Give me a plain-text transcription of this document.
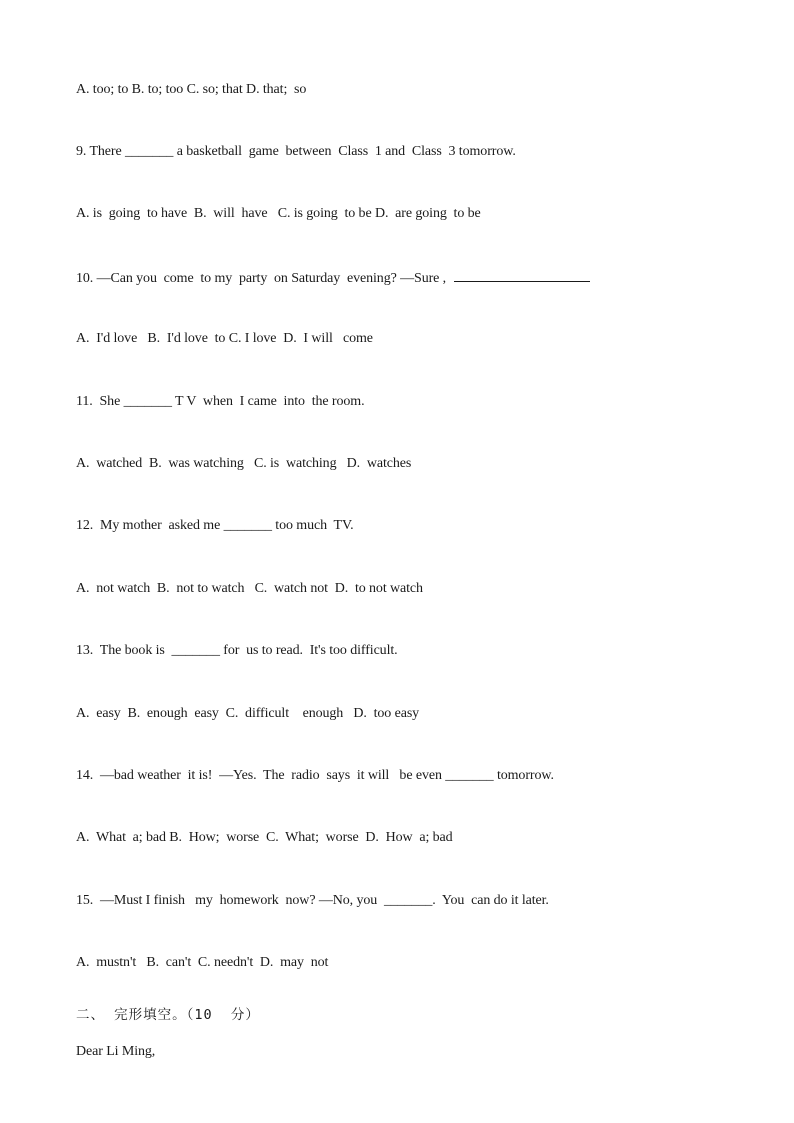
A. too; to B. to; too C. so; that D. that;  so
9. There _______ a basketball  game  between  Class  1 and  Class  3 tomorrow.
A. is  going  to have  B.  will  have   C. is going  to be D.  are going  to be
10. —Can you  come  to my  party  on Saturday  evening? —Sure ,
A.  I'd love   B.  I'd love  to C. I love  D.  I will   come
11.  She _______ T V  when  I came  into  the room.
A.  watched  B.  was watching   C. is  watching   D.  watches
12.  My mother  asked me _______ too much  TV.
A.  not watch  B.  not to watch   C.  watch not  D.  to not watch
13.  The book is  _______ for  us to read.  It's too difficult.
A.  easy  B.  enough  easy  C.  difficult    enough   D.  too easy
14.  —bad weather  it is!  —Yes.  The  radio  says  it will   be even _______ tomorrow.
A.  What  a; bad B.  How;  worse  C.  What;  worse  D.  How  a; bad
15.  —Must I finish   my  homework  now? —No, you  _______.  You  can do it later.
A.  mustn't   B.  can't  C. needn't  D.  may  not
二、 完形填空。（10  分）
Dear Li Ming,
